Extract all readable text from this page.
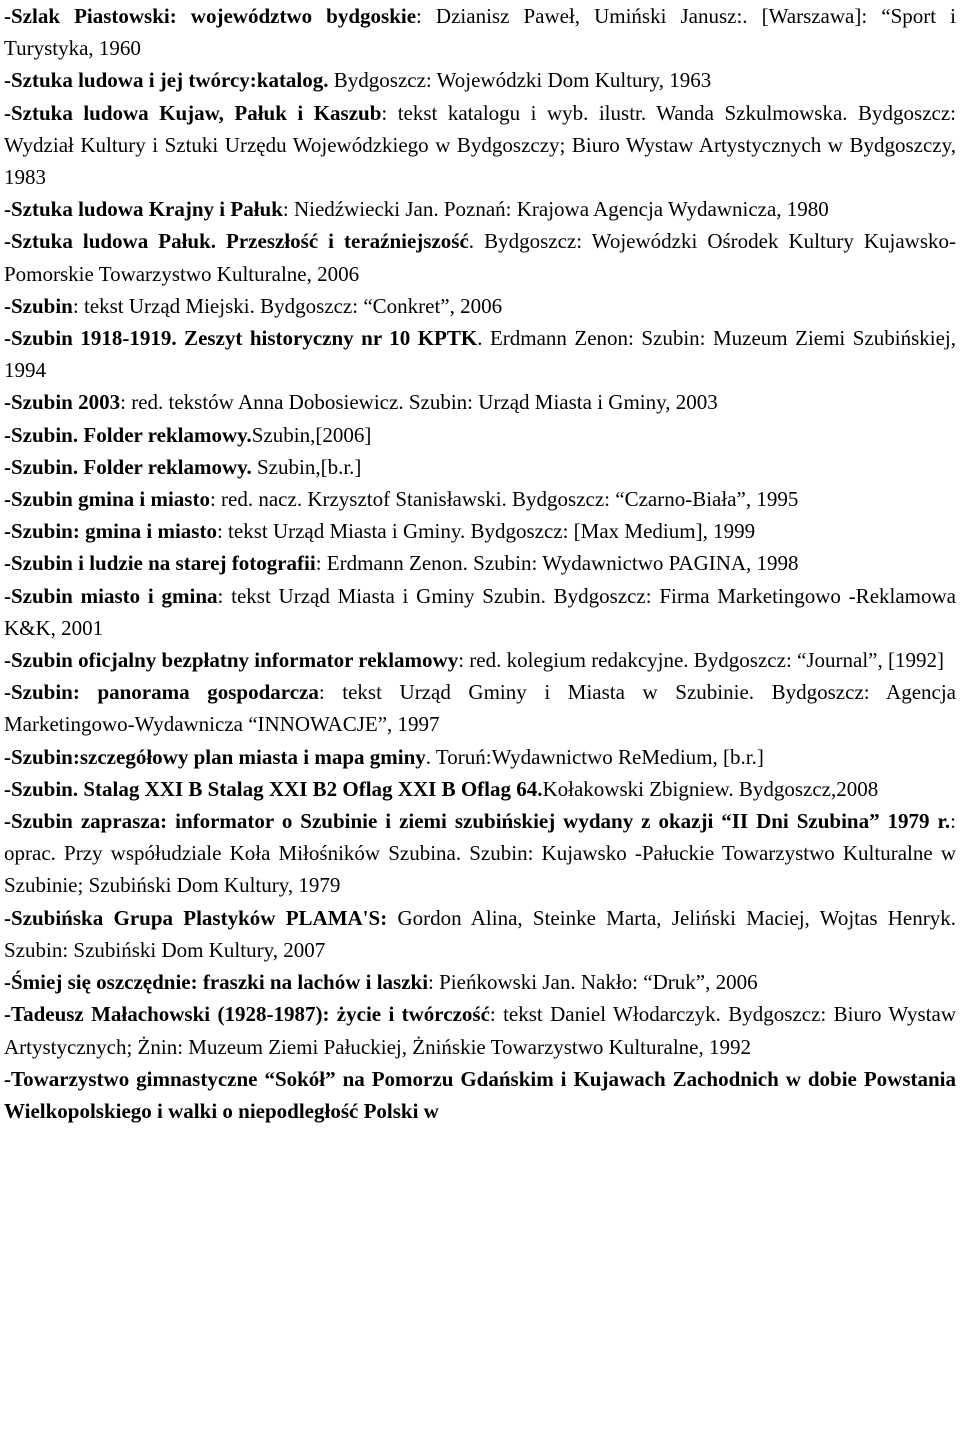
-Szlak Piastowski: województwo bydgoskie: Dzianisz Paweł, Umiński Janusz:. [Warszawa]: “Sport i Turystyka, 1960
-Sztuka ludowa i jej twórcy:katalog. Bydgoszcz: Wojewódzki Dom Kultury, 1963
-Sztuka ludowa Kujaw, Pałuk i Kaszub: tekst katalogu i wyb. ilustr. Wanda Szkulmowska. Bydgoszcz: Wydział Kultury i Sztuki Urzędu Wojewódzkiego w Bydgoszczy; Biuro Wystaw Artystycznych w Bydgoszczy, 1983
-Sztuka ludowa Krajny i Pałuk: Niedźwiecki Jan. Poznań: Krajowa Agencja Wydawnicza, 1980
-Sztuka ludowa Pałuk. Przeszłość i teraźniejszość. Bydgoszcz: Wojewódzki Ośrodek Kultury Kujawsko-Pomorskie Towarzystwo Kulturalne, 2006
-Szubin: tekst Urząd Miejski. Bydgoszcz: “Conkret”, 2006
-Szubin 1918-1919. Zeszyt historyczny nr 10 KPTK. Erdmann Zenon: Szubin: Muzeum Ziemi Szubińskiej, 1994
-Szubin 2003: red. tekstów Anna Dobosiewicz. Szubin: Urząd Miasta i Gminy, 2003
-Szubin. Folder reklamowy.Szubin,[2006]
-Szubin. Folder reklamowy. Szubin,[b.r.]
-Szubin gmina i miasto: red. nacz. Krzysztof Stanisławski. Bydgoszcz: “Czarno-Biała”, 1995
-Szubin: gmina i miasto: tekst Urząd Miasta i Gminy. Bydgoszcz: [Max Medium], 1999
-Szubin i ludzie na starej fotografii: Erdmann Zenon. Szubin: Wydawnictwo PAGINA, 1998
-Szubin miasto i gmina: tekst Urząd Miasta i Gminy Szubin. Bydgoszcz: Firma Marketingowo -Reklamowa K&K, 2001
-Szubin oficjalny bezpłatny informator reklamowy: red. kolegium redakcyjne. Bydgoszcz: “Journal”, [1992]
-Szubin: panorama gospodarcza: tekst Urząd Gminy i Miasta w Szubinie. Bydgoszcz: Agencja Marketingowo-Wydawnicza “INNOWACJE”, 1997
-Szubin:szczegółowy plan miasta i mapa gminy. Toruń:Wydawnictwo ReMedium, [b.r.]
-Szubin. Stalag XXI B Stalag XXI B2 Oflag XXI B Oflag 64.Kołakowski Zbigniew. Bydgoszcz,2008
-Szubin zaprasza: informator o Szubinie i ziemi szubińskiej wydany z okazji “II Dni Szubina” 1979 r.: oprac. Przy współudziale Koła Miłośników Szubina. Szubin: Kujawsko -Pałuckie Towarzystwo Kulturalne w Szubinie; Szubiński Dom Kultury, 1979
-Szubińska Grupa Plastyków PLAMA'S: Gordon Alina, Steinke Marta, Jeliński Maciej, Wojtas Henryk. Szubin: Szubiński Dom Kultury, 2007
-Śmiej się oszczędnie: fraszki na lachów i laszki: Pieńkowski Jan. Nakło: “Druk”, 2006
-Tadeusz Małachowski (1928-1987): życie i twórczość: tekst Daniel Włodarczyk. Bydgoszcz: Biuro Wystaw Artystycznych; Żnin: Muzeum Ziemi Pałuckiej, Żnińskie Towarzystwo Kulturalne, 1992
-Towarzystwo gimnastyczne “Sokół” na Pomorzu Gdańskim i Kujawach Zachodnich w dobie Powstania Wielkopolskiego i walki o niepodległość Polski w
